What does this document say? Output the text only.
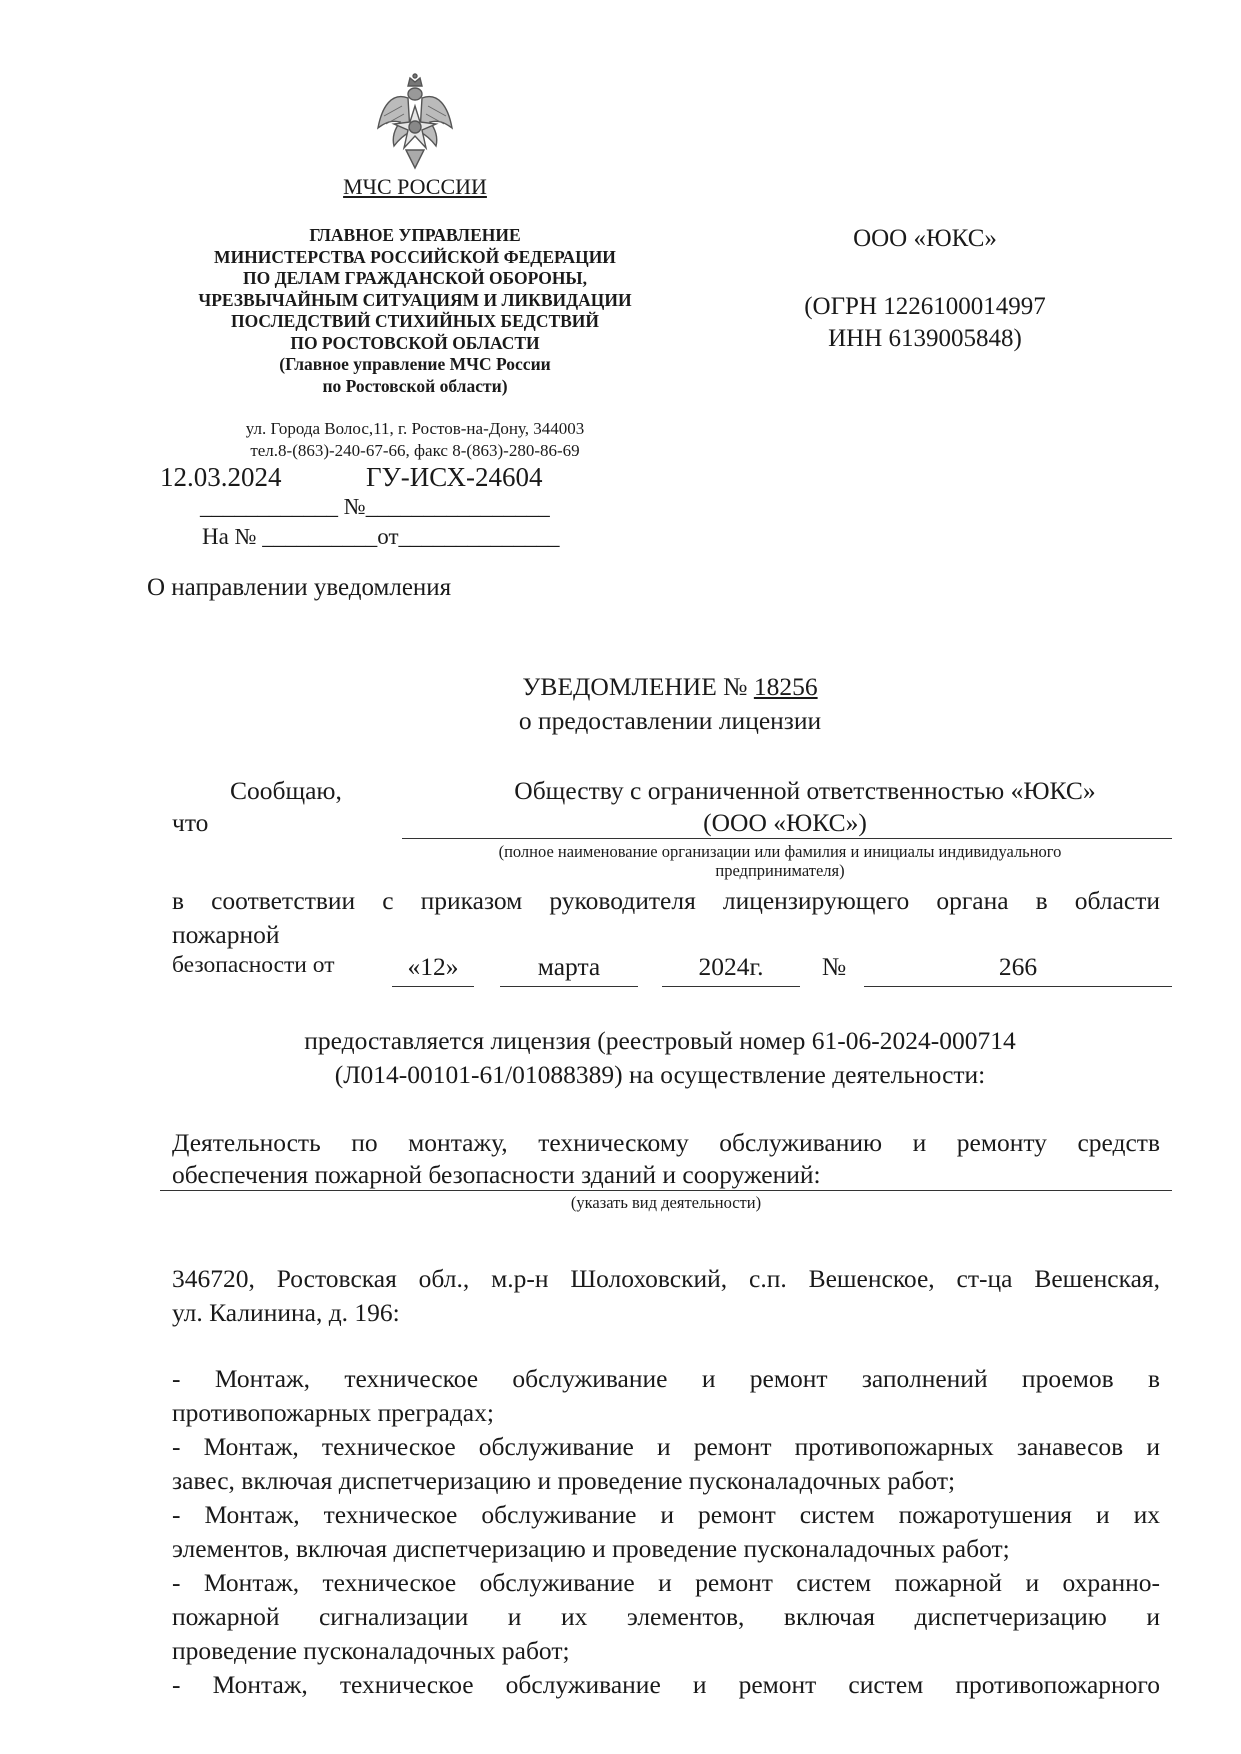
МЧС РОССИИ
ГЛАВНОЕ УПРАВЛЕНИЕ
МИНИСТЕРСТВА РОССИЙСКОЙ ФЕДЕРАЦИИ
ПО ДЕЛАМ ГРАЖДАНСКОЙ ОБОРОНЫ,
ЧРЕЗВЫЧАЙНЫМ СИТУАЦИЯМ И ЛИКВИДАЦИИ
ПОСЛЕДСТВИЙ СТИХИЙНЫХ БЕДСТВИЙ
ПО РОСТОВСКОЙ ОБЛАСТИ
(Главное управление МЧС России
по Ростовской области)
ул. Города Волос,11, г. Ростов-на-Дону, 344003
тел.8-(863)-240-67-66, факс 8-(863)-280-86-69
12.03.2024	ГУ-ИСХ-24604
____________ №________________
На № __________от______________
О направлении уведомления
ООО «ЮКС»
(ОГРН 1226100014997
ИНН 6139005848)
УВЕДОМЛЕНИЕ № 18256
о предоставлении лицензии
Сообщаю,
что
Обществу с ограниченной ответственностью «ЮКС»
(ООО «ЮКС»)
(полное наименование организации или фамилия и инициалы индивидуального
предпринимателя)
в соответствии с приказом руководителя лицензирующего органа в области
пожарной
безопасности от	«12»	марта	2024г.	№	266
предоставляется лицензия (реестровый номер 61-06-2024-000714
(Л014-00101-61/01088389) на осуществление деятельности:
Деятельность по монтажу, техническому обслуживанию и ремонту средств
обеспечения пожарной безопасности зданий и сооружений:
(указать вид деятельности)
346720, Ростовская обл., м.р-н Шолоховский, с.п. Вешенское, ст-ца Вешенская,
ул. Калинина, д. 196:
- Монтаж, техническое обслуживание и ремонт заполнений проемов в
противопожарных преградах;
- Монтаж, техническое обслуживание и ремонт противопожарных занавесов и
завес, включая диспетчеризацию и проведение пусконаладочных работ;
- Монтаж, техническое обслуживание и ремонт систем пожаротушения и их
элементов, включая диспетчеризацию и проведение пусконаладочных работ;
- Монтаж, техническое обслуживание и ремонт систем пожарной и охранно-
пожарной сигнализации и их элементов, включая диспетчеризацию и
проведение пусконаладочных работ;
- Монтаж, техническое обслуживание и ремонт систем противопожарного
